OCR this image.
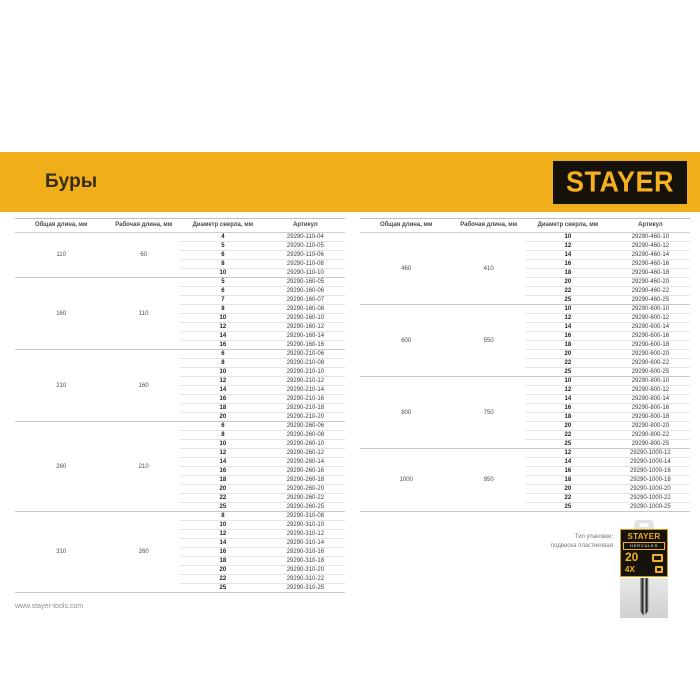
Буры	STAYER
Общая длина, мм	Рабочая длина, мм	Диаметр сверла, мм	Артикул
110	60	4	29290-110-04
		5	29290-110-05
		6	29290-110-06
		8	29290-110-08
		10	29290-110-10
160	110	5	29290-160-05
		6	29290-160-06
		7	29290-160-07
		8	29290-160-08
		10	29290-160-10
		12	29290-160-12
		14	29290-160-14
		16	29290-160-16
210	160	6	29290-210-06
		8	29290-210-08
		10	29290-210-10
		12	29290-210-12
		14	29290-210-14
		16	29290-210-16
		18	29290-210-18
		20	29290-210-20
260	210	6	29290-260-06
		8	29290-260-08
		10	29290-260-10
		12	29290-260-12
		14	29290-260-14
		16	29290-260-16
		18	29290-260-18
		20	29290-260-20
		22	29290-260-22
		25	29290-260-25
310	260	8	29290-310-08
		10	29290-310-10
		12	29290-310-12
		14	29290-310-14
		16	29290-310-16
		18	29290-310-18
		20	29290-310-20
		22	29290-310-22
		25	29290-310-25
www.stayer-tools.com
Общая длина, мм	Рабочая длина, мм	Диаметр сверла, мм	Артикул
460	410	10	29290-460-10
		12	29290-460-12
		14	29290-460-14
		16	29290-460-16
		18	29290-460-18
		20	29290-460-20
		22	29290-460-22
		25	29290-460-25
600	550	10	29290-600-10
		12	29290-600-12
		14	29290-600-14
		16	29290-600-16
		18	29290-600-18
		20	29290-600-20
		22	29290-600-22
		25	29290-600-25
800	750	10	29290-800-10
		12	29290-800-12
		14	29290-800-14
		16	29290-800-16
		18	29290-800-18
		20	29290-800-20
		22	29290-800-22
		25	29290-800-25
1000	950	12	29290-1000-12
		14	29290-1000-14
		16	29290-1000-16
		18	29290-1000-18
		20	29290-1000-20
		22	29290-1000-22
		25	29290-1000-25
Тип упаковки:
подвеска пластиковая
STAYER
HERCULES
20
4X
